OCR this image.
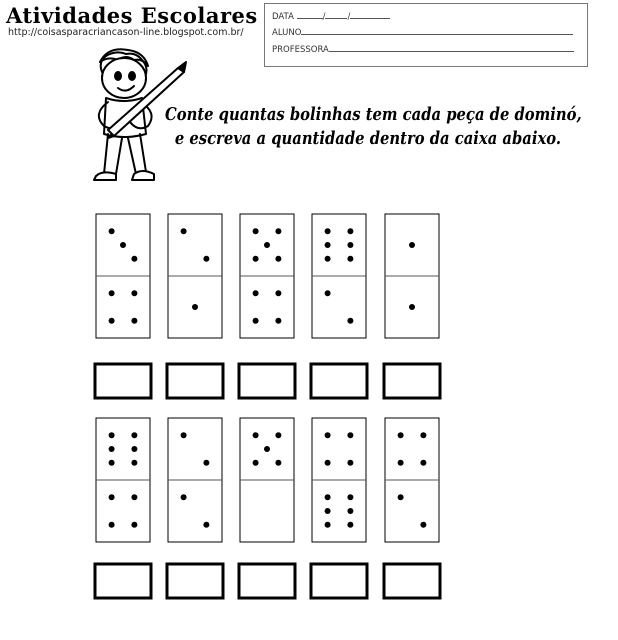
Atividades Escolares
http://coisasparacriancason-line.blogspot.com.br/
DATA	/	/
ALUNO
PROFESSORA
Conte quantas bolinhas tem cada peça de dominó,
e escreva a quantidade dentro da caixa abaixo.
